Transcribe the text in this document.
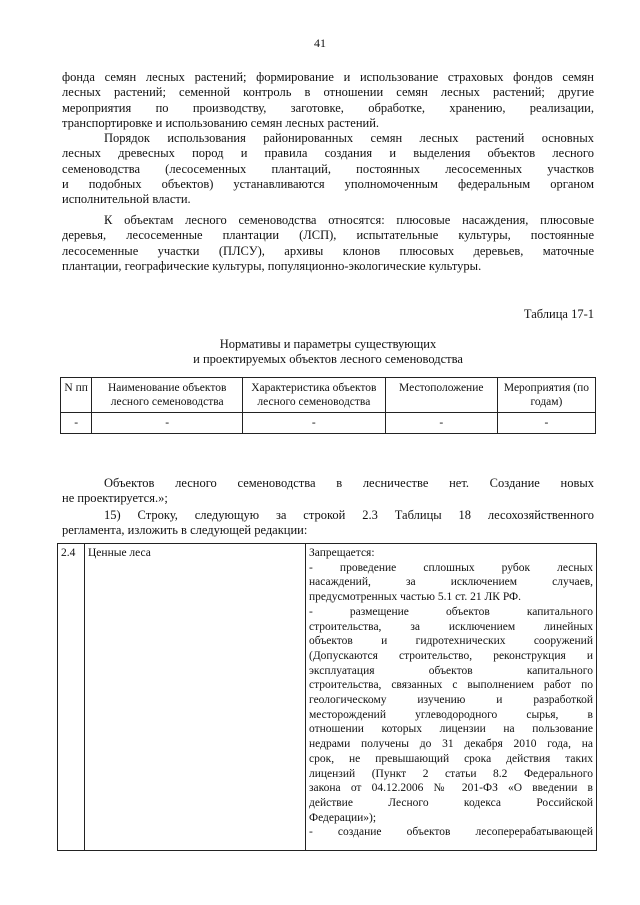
41

фонда семян лесных растений; формирование и использование страховых фондов семян
лесных растений; семенной контроль в отношении семян лесных растений; другие
мероприятия по производству, заготовке, обработке, хранению, реализации,
транспортировке и использованию семян лесных растений.

Порядок использования районированных семян лесных растений основных
лесных древесных пород и правила создания и выделения объектов лесного
семеноводства (лесосеменных плантаций, постоянных лесосеменных участков
и подобных объектов) устанавливаются уполномоченным федеральным органом
исполнительной власти.

К объектам лесного семеноводства относятся: плюсовые насаждения, плюсовые
деревья, лесосеменные плантации (ЛСП), испытательные культуры, постоянные
лесосеменные участки (ПЛСУ), архивы клонов плюсовых деревьев, маточные
плантации, географические культуры, популяционно-экологические культуры.

Таблица 17-1
Нормативы и параметры существующих
и проектируемых объектов лесного семеноводства
N пп	Наименование объектов лесного семеноводства	Характеристика объектов лесного семеноводства	Местоположение	Мероприятия (по годам)
-	-	-	-	-

Объектов лесного семеноводства в лесничестве нет. Создание новых
не проектируется.»;

15) Строку, следующую за строкой 2.3 Таблицы 18 лесохозяйственного
регламента, изложить в следующей редакции:

2.4	Ценные леса	Запрещается:
- проведение сплошных рубок лесных
насаждений, за исключением случаев,
предусмотренных частью 5.1 ст. 21 ЛК РФ.
- размещение объектов капитального
строительства, за исключением линейных
объектов и гидротехнических сооружений
(Допускаются строительство, реконструкция и
эксплуатация объектов капитального
строительства, связанных с выполнением работ по
геологическому изучению и разработкой
месторождений углеводородного сырья, в
отношении которых лицензии на пользование
недрами получены до 31 декабря 2010 года, на
срок, не превышающий срока действия таких
лицензий (Пункт 2 статьи 8.2 Федерального
закона от 04.12.2006 № 201-ФЗ «О введении в
действие Лесного кодекса Российской
Федерации»);
- создание объектов лесоперерабатывающей
